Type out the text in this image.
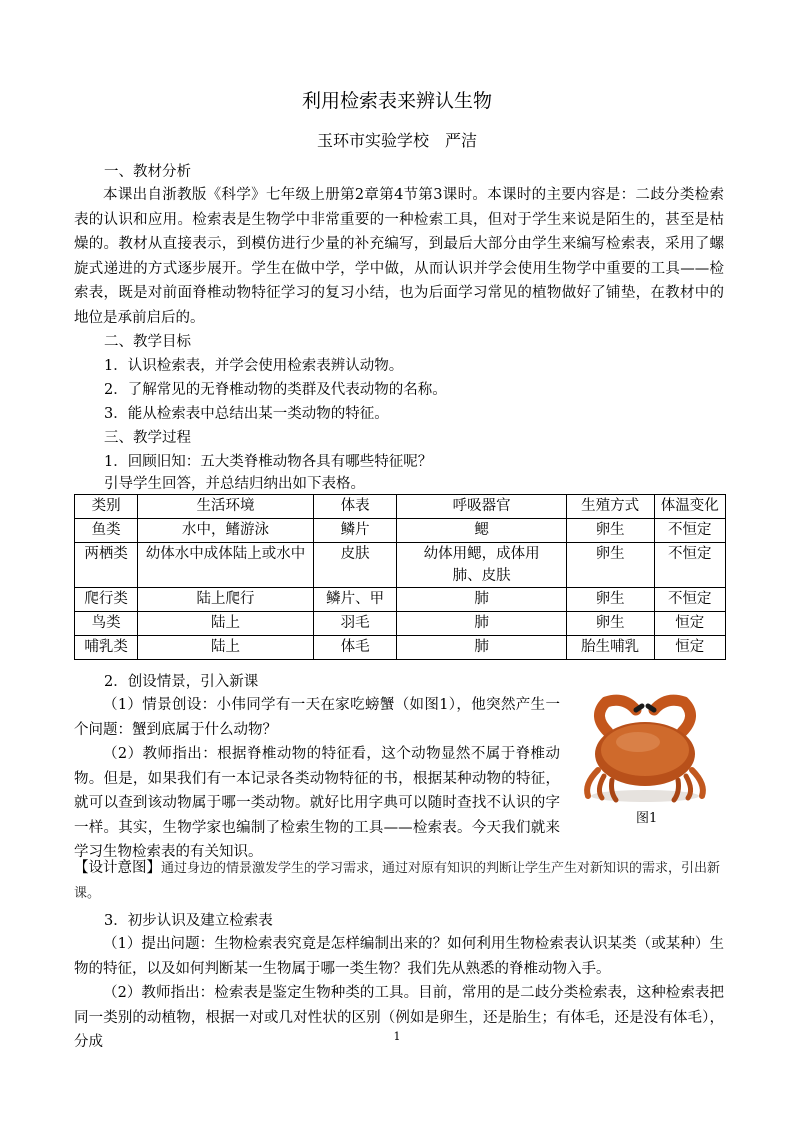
利用检索表来辨认生物
玉环市实验学校　严洁
一、教材分析
本课出自浙教版《科学》七年级上册第2章第4节第3课时。本课时的主要内容是：二歧分类检索表的认识和应用。检索表是生物学中非常重要的一种检索工具，但对于学生来说是陌生的，甚至是枯燥的。教材从直接表示，到模仿进行少量的补充编写，到最后大部分由学生来编写检索表，采用了螺旋式递进的方式逐步展开。学生在做中学，学中做，从而认识并学会使用生物学中重要的工具——检索表，既是对前面脊椎动物特征学习的复习小结，也为后面学习常见的植物做好了铺垫，在教材中的地位是承前启后的。
二、教学目标
1．认识检索表，并学会使用检索表辨认动物。
2．了解常见的无脊椎动物的类群及代表动物的名称。
3．能从检索表中总结出某一类动物的特征。
三、教学过程
1．回顾旧知：五大类脊椎动物各具有哪些特征呢？
引导学生回答，并总结归纳出如下表格。
类别	生活环境	体表	呼吸器官	生殖方式	体温变化
鱼类	水中，鳍游泳	鳞片	鳃	卵生	不恒定
两栖类	幼体水中成体陆上或水中	皮肤	幼体用鳃，成体用肺、皮肤	卵生	不恒定
爬行类	陆上爬行	鳞片、甲	肺	卵生	不恒定
鸟类	陆上	羽毛	肺	卵生	恒定
哺乳类	陆上	体毛	肺	胎生哺乳	恒定
2．创设情景，引入新课
（1）情景创设：小伟同学有一天在家吃螃蟹（如图1），他突然产生一个问题：蟹到底属于什么动物？
（2）教师指出：根据脊椎动物的特征看，这个动物显然不属于脊椎动物。但是，如果我们有一本记录各类动物特征的书，根据某种动物的特征，就可以查到该动物属于哪一类动物。就好比用字典可以随时查找不认识的字一样。其实，生物学家也编制了检索生物的工具——检索表。今天我们就来学习生物检索表的有关知识。
图1
【设计意图】通过身边的情景激发学生的学习需求，通过对原有知识的判断让学生产生对新知识的需求，引出新课。
3．初步认识及建立检索表
（1）提出问题：生物检索表究竟是怎样编制出来的？如何利用生物检索表认识某类（或某种）生物的特征，以及如何判断某一生物属于哪一类生物？我们先从熟悉的脊椎动物入手。
（2）教师指出：检索表是鉴定生物种类的工具。目前，常用的是二歧分类检索表，这种检索表把同一类别的动植物，根据一对或几对性状的区别（例如是卵生，还是胎生；有体毛，还是没有体毛），分成	1
